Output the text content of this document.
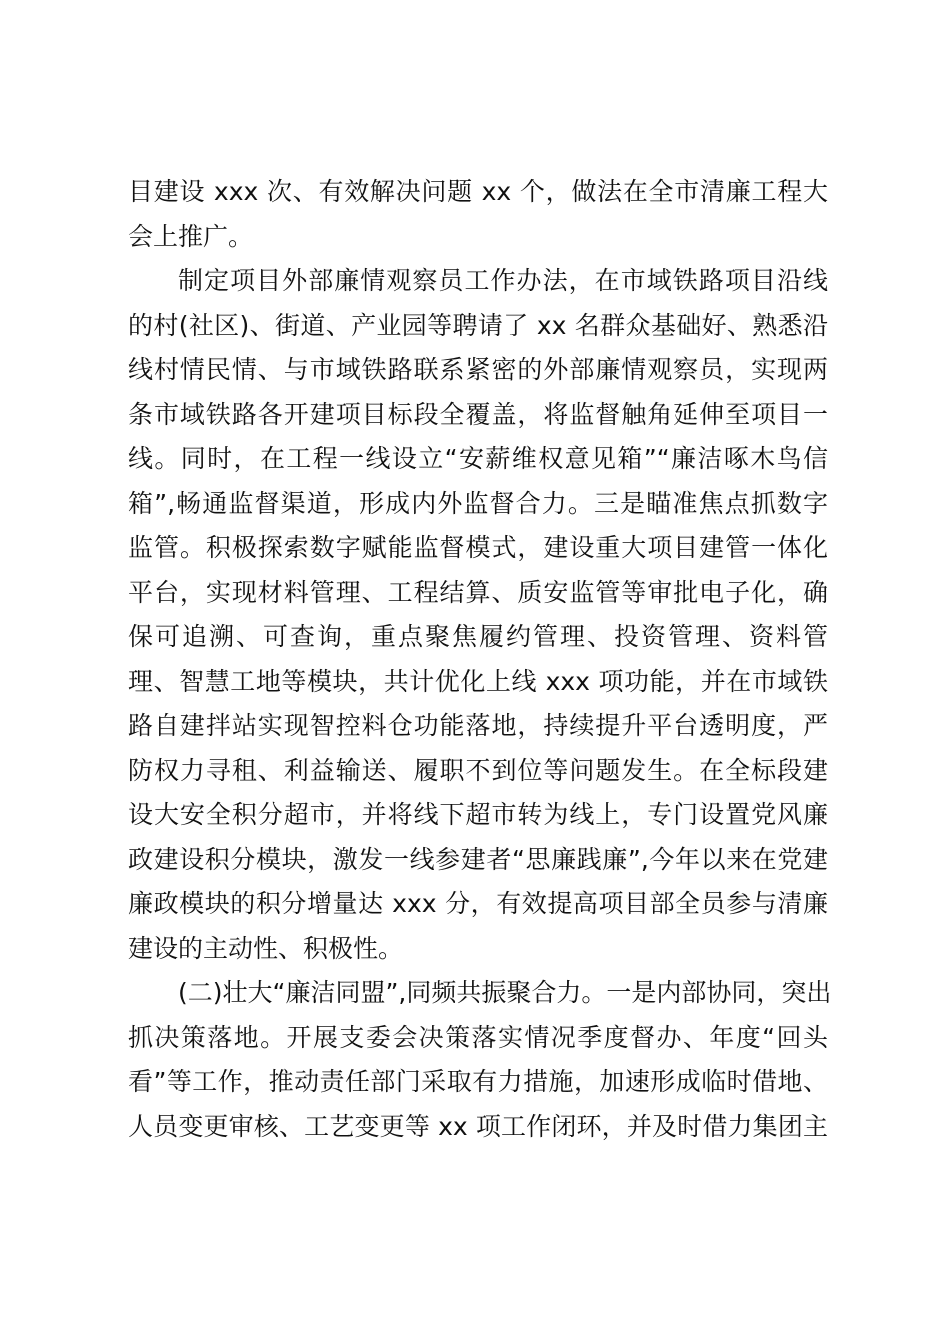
目建设 xxx 次、有效解决问题 xx 个，做法在全市清廉工程大
会上推广。
制定项目外部廉情观察员工作办法，在市域铁路项目沿线
的村(社区)、街道、产业园等聘请了 xx 名群众基础好、熟悉沿
线村情民情、与市域铁路联系紧密的外部廉情观察员，实现两
条市域铁路各开建项目标段全覆盖，将监督触角延伸至项目一
线。同时，在工程一线设立“安薪维权意见箱”“廉洁啄木鸟信
箱”,畅通监督渠道，形成内外监督合力。三是瞄准焦点抓数字
监管。积极探索数字赋能监督模式，建设重大项目建管一体化
平台，实现材料管理、工程结算、质安监管等审批电子化，确
保可追溯、可查询，重点聚焦履约管理、投资管理、资料管
理、智慧工地等模块，共计优化上线 xxx 项功能，并在市域铁
路自建拌站实现智控料仓功能落地，持续提升平台透明度，严
防权力寻租、利益输送、履职不到位等问题发生。在全标段建
设大安全积分超市，并将线下超市转为线上，专门设置党风廉
政建设积分模块，激发一线参建者“思廉践廉”,今年以来在党建
廉政模块的积分增量达 xxx 分，有效提高项目部全员参与清廉
建设的主动性、积极性。
(二)壮大“廉洁同盟”,同频共振聚合力。一是内部协同，突出
抓决策落地。开展支委会决策落实情况季度督办、年度“回头
看”等工作，推动责任部门采取有力措施，加速形成临时借地、
人员变更审核、工艺变更等 xx 项工作闭环，并及时借力集团主
